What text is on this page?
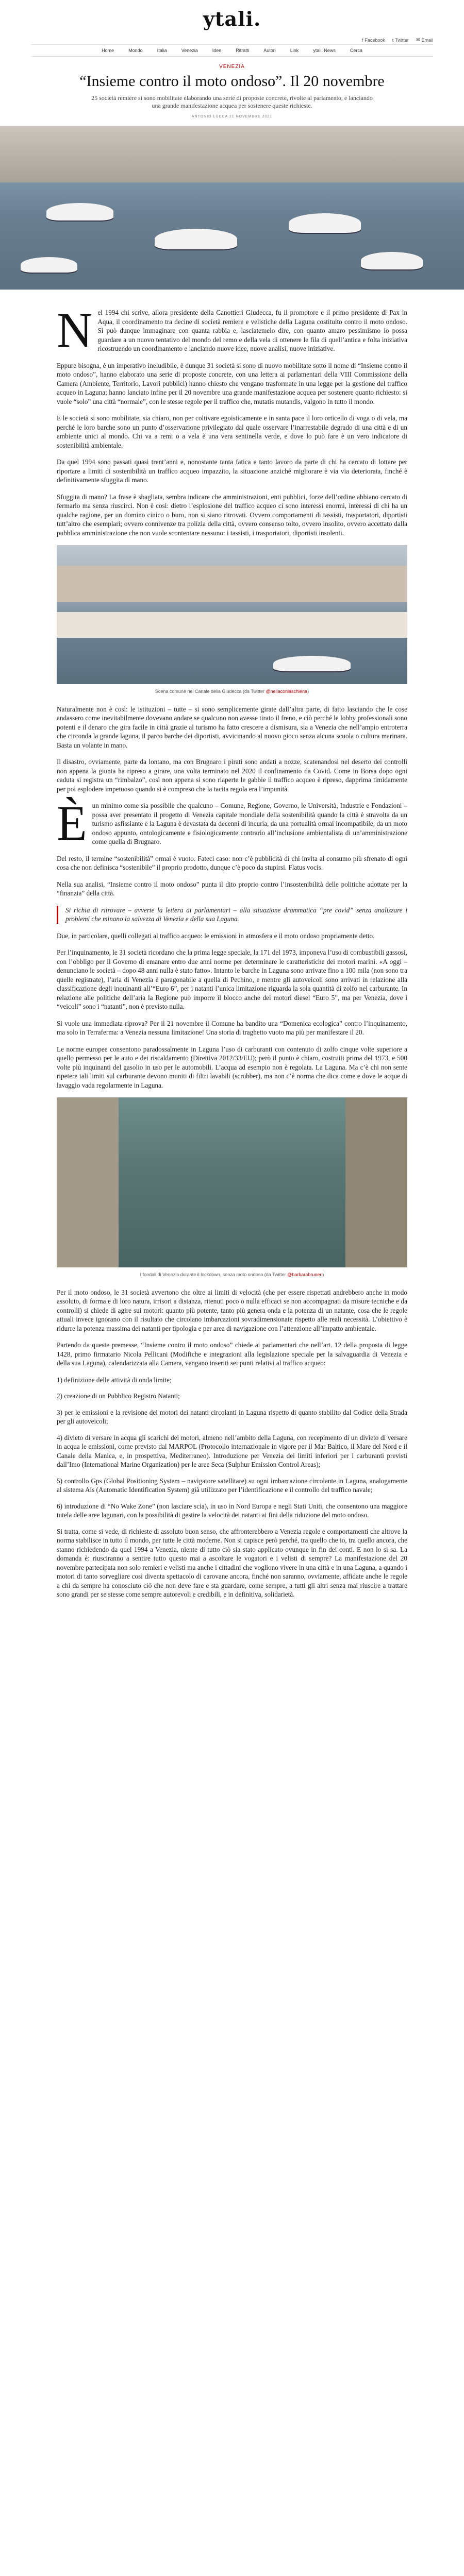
ytali.
f Facebook t Twitter ✉ Email
Home	Mondo	Italia	Venezia	Idee	Ritratti	Autori	Link	ytali. News	Cerca
VENEZIA
“Insieme contro il moto ondoso”. Il 20 novembre
25 società remiere si sono mobilitate elaborando una serie di proposte concrete, rivolte al parlamento, e lanciando una grande manifestazione acquea per sostenere queste richieste.
ANTONIO LUCCA 21 NOVEMBRE 2021

Nel 1994 chi scrive, allora presidente della Canottieri Giudecca, fu il promotore e il primo presidente di Pax in Aqua, il coordinamento tra decine di società remiere e velistiche della Laguna costituito contro il moto ondoso. Si può dunque immaginare con quanta rabbia e, lasciatemelo dire, con quanto amaro pessimismo io possa guardare a un nuovo tentativo del mondo del remo e della vela di ottenere le fila di quell’antica e folta iniziativa ricostruendo un coordinamento e lanciando nuove idee, nuove analisi, nuove iniziative.

Eppure bisogna, è un imperativo ineludibile, è dunque 31 società si sono di nuovo mobilitate sotto il nome di “Insieme contro il moto ondoso”, hanno elaborato una serie di proposte concrete, con una lettera ai parlamentari della VIII Commissione della Camera (Ambiente, Territorio, Lavori pubblici) hanno chiesto che vengano trasformate in una legge per la gestione del traffico acqueo in Laguna; hanno lanciato infine per il 20 novembre una grande manifestazione acquea per sostenere quanto richiesto: si vuole “solo” una città “normale”, con le stesse regole per il traffico che, mutatis mutandis, valgono in tutto il mondo.

E le società si sono mobilitate, sia chiaro, non per coltivare egoisticamente e in santa pace il loro orticello di voga o di vela, ma perché le loro barche sono un punto d’osservazione privilegiato dal quale osservare l’inarrestabile degrado di una città e di un ambiente unici al mondo. Chi va a remi o a vela è una vera sentinella verde, e dove lo può fare è un vero indicatore di sostenibilità ambientale.

Da quel 1994 sono passati quasi trent’anni e, nonostante tanta fatica e tanto lavoro da parte di chi ha cercato di lottare per riportare a limiti di sostenibilità un traffico acqueo impazzito, la situazione anziché migliorare è via via deteriorata, finché è definitivamente sfuggita di mano.

Sfuggita di mano? La frase è sbagliata, sembra indicare che amministrazioni, enti pubblici, forze dell’ordine abbiano cercato di fermarlo ma senza riuscirci. Non è così: dietro l’esplosione del traffico acqueo ci sono interessi enormi, interessi di chi ha un qualche ragione, per un domino cinico o buro, non si siano ritrovati. Ovvero comportamenti di tassisti, trasportatori, diportisti tutt’altro che esemplari; ovvero connivenze tra polizia della città, ovvero consenso tolto, ovvero insolito, ovvero accettato dalla pubblica amministrazione che non vuole scontentare nessuno: i tassisti, i trasportatori, diportisti insolenti.

Scena comune nel Canale della Giudecca (da Twitter @nellaconlaschiena)

Naturalmente non è così: le istituzioni – tutte – si sono semplicemente girate dall’altra parte, di fatto lasciando che le cose andassero come inevitabilmente dovevano andare se qualcuno non avesse tirato il freno, e ciò perché le lobby professionali sono potenti e il denaro che gira facile in città grazie al turismo ha fatto crescere a dismisura, sia a Venezia che nell’ampio entroterra che circonda la grande laguna, il parco barche dei diportisti, avvicinando al nuovo gioco senza alcuna scuola o cultura marinara. Basta un volante in mano.

Il disastro, ovviamente, parte da lontano, ma con Brugnaro i pirati sono andati a nozze, scatenandosi nel deserto dei controlli non appena la giunta ha ripreso a girare, una volta terminato nel 2020 il confinamento da Covid. Come in Borsa dopo ogni caduta si registra un “rimbalzo”, così non appena si sono riaperte le gabbie il traffico acqueo è ripreso, dapprima timidamente per poi esplodere impetuoso quando si è compreso che la tacita regola era l’impunità.

Èun minimo come sia possibile che qualcuno – Comune, Regione, Governo, le Università, Industrie e Fondazioni – possa aver presentato il progetto di Venezia capitale mondiale della sostenibilità quando la città è stravolta da un turismo asfissiante e la Laguna è devastata da decenni di incuria, da una portualità ormai incompatibile, da un moto ondoso appunto, ontologicamente e fisiologicamente contrario all’inclusione ambientalista di un’amministrazione come quella di Brugnaro.

Del resto, il termine “sostenibilità” ormai è vuoto. Fateci caso: non c’è pubblicità di chi invita al consumo più sfrenato di ogni cosa che non definisca “sostenibile” il proprio prodotto, dunque c’è poco da stupirsi. Flatus vocis.

Nella sua analisi, “Insieme contro il moto ondoso” punta il dito proprio contro l’insostenibilità delle politiche adottate per la “finanzia” della città.

Si richia di ritrovare – avverte la lettera ai parlamentari – alla situazione drammatica “pre covid” senza analizzare i problemi che minano la salvezza di Venezia e della sua Laguna.

Due, in particolare, quelli collegati al traffico acqueo: le emissioni in atmosfera e il moto ondoso propriamente detto.

Per l’inquinamento, le 31 società ricordano che la prima legge speciale, la 171 del 1973, imponeva l’uso di combustibili gassosi, con l’obbligo per il Governo di emanare entro due anni norme per determinare le caratteristiche dei motori marini. «A oggi – denunciano le società – dopo 48 anni nulla è stato fatto». Intanto le barche in Laguna sono arrivate fino a 100 mila (non sono tra quelle registrate), l’aria di Venezia è paragonabile a quella di Pechino, e mentre gli autoveicoli sono arrivati in relazione alla classificazione degli inquinanti all’“Euro 6”, per i natanti l’unica limitazione riguarda la sola quantità di zolfo nel carburante. In relazione alle politiche dell’aria la Regione può imporre il blocco anche dei motori diesel “Euro 5”, ma per Venezia, dove i “veicoli” sono i “natanti”, non è previsto nulla.

Si vuole una immediata riprova? Per il 21 novembre il Comune ha bandito una “Domenica ecologica” contro l’inquinamento, ma solo in Terraferma: a Venezia nessuna limitazione! Una storia di traghetto vuoto ma più per manifestare il 20.

Le norme europee consentono paradossalmente in Laguna l’uso di carburanti con contenuto di zolfo cinque volte superiore a quello permesso per le auto e dei riscaldamento (Direttiva 2012/33/EU); però il punto è chiaro, costruiti prima del 1973, e 500 volte più inquinanti del gasolio in uso per le automobili. L’acqua ad esempio non è regolata. La Laguna. Ma c’è chi non sente ripetere tali limiti sul carburante devono muniti di filtri lavabili (scrubber), ma non c’è norma che dica come e dove le acque di lavaggio vada regolarmente in Laguna.

I fondali di Venezia durante il lockdown, senza moto ondoso (da Twitter @barbarabruneri)

Per il moto ondoso, le 31 società avvertono che oltre ai limiti di velocità (che per essere rispettati andrebbero anche in modo assoluto, di forma e di loro natura, irrisori a distanza, ritenuti poco o nulla efficaci se non accompagnati da misure tecniche e da controlli) si chiede di agire sui motori: quanto più potente, tanto più genera onda e la potenza di un natante, cosa che le regole attuali invece ignorano con il risultato che circolano imbarcazioni sovradimensionate rispetto alle reali necessità. L’obiettivo è ridurre la potenza massima dei natanti per tipologia e per area di navigazione con l’attenzione all’impatto ambientale.

Partendo da queste premesse, “Insieme contro il moto ondoso” chiede ai parlamentari che nell’art. 12 della proposta di legge 1428, primo firmatario Nicola Pellicani (Modifiche e integrazioni alla legislazione speciale per la salvaguardia di Venezia e della sua Laguna), calendarizzata alla Camera, vengano inseriti sei punti relativi al traffico acqueo:

1) definizione delle attività di onda limite;
2) creazione di un Pubblico Registro Natanti;
3) per le emissioni e la revisione dei motori dei natanti circolanti in Laguna rispetto di quanto stabilito dal Codice della Strada per gli autoveicoli;
4) divieto di versare in acqua gli scarichi dei motori, almeno nell’ambito della Laguna, con recepimento di un divieto di versare in acqua le emissioni, come previsto dal MARPOL (Protocollo internazionale in vigore per il Mar Baltico, il Mare del Nord e il Canale della Manica, e, in prospettiva, Mediterraneo). Introduzione per Venezia dei limiti inferiori per i carburanti previsti dall’Imo (International Marine Organization) per le aree Seca (Sulphur Emission Control Areas);
5) controllo Gps (Global Positioning System – navigatore satellitare) su ogni imbarcazione circolante in Laguna, analogamente al sistema Ais (Automatic Identification System) già utilizzato per l’identificazione e il controllo del traffico navale;
6) introduzione di “No Wake Zone” (non lasciare scia), in uso in Nord Europa e negli Stati Uniti, che consentono una maggiore tutela delle aree lagunari, con la possibilità di gestire la velocità dei natanti ai fini della riduzione del moto ondoso.

Si tratta, come si vede, di richieste di assoluto buon senso, che affronterebbero a Venezia regole e comportamenti che altrove la norma stabilisce in tutto il mondo, per tutte le città moderne. Non si capisce però perché, tra quello che io, tra quello ancora, che stanno richiedendo da quel 1994 a Venezia, niente di tutto ciò sia stato applicato ovunque in fin dei conti. E non lo si sa. La domanda è: riusciranno a sentire tutto questo mai a ascoltare le vogatori e i velisti di sempre? La manifestazione del 20 novembre partecipata non solo remieri e velisti ma anche i cittadini che vogliono vivere in una città e in una Laguna, a quando i motori di tanto sorvegliare così diventa spettacolo di carovane ancora, finché non saranno, ovviamente, affidate anche le regole a chi da sempre ha conosciuto ciò che non deve fare e sta guardare, come sempre, a tutti gli altri senza mai riuscire a trattare sono grandi per se stesse come sempre autorevoli e credibili, e in definitiva, solidarietà.
